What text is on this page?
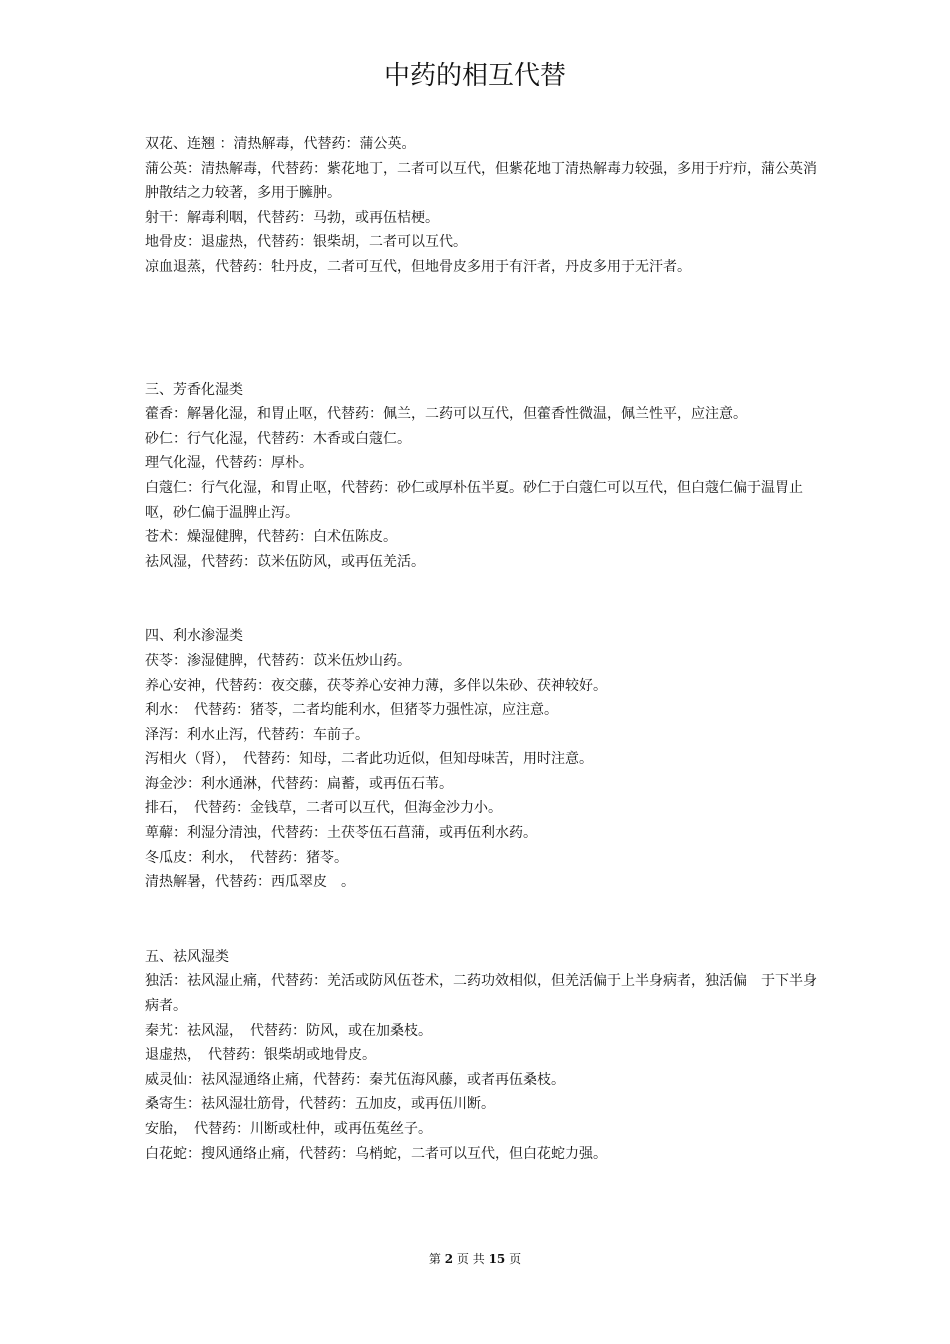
中药的相互代替

双花、连翘 ：清热解毒，代替药：蒲公英。

蒲公英：清热解毒，代替药：紫花地丁，二者可以互代，但紫花地丁清热解毒力较强，多用于疔疖，蒲公英消肿散结之力较著，多用于臃肿。

射干：解毒利咽，代替药：马勃，或再伍桔梗。

地骨皮：退虚热，代替药：银柴胡，二者可以互代。

凉血退蒸，代替药：牡丹皮，二者可互代，但地骨皮多用于有汗者，丹皮多用于无汗者。

三、芳香化湿类

藿香：解暑化湿，和胃止呕，代替药：佩兰，二药可以互代，但藿香性微温，佩兰性平，应注意。

砂仁：行气化湿，代替药：木香或白蔻仁。

理气化湿，代替药：厚朴。

白蔻仁：行气化湿，和胃止呕，代替药：砂仁或厚朴伍半夏。砂仁于白蔻仁可以互代，但白蔻仁偏于温胃止呕，砂仁偏于温脾止泻。

苍术：燥湿健脾，代替药：白术伍陈皮。

祛风湿，代替药：苡米伍防风，或再伍羌活。

四、利水渗湿类

茯苓：渗湿健脾，代替药：苡米伍炒山药。

养心安神，代替药：夜交藤，茯苓养心安神力薄，多伴以朱砂、茯神较好。

利水：　代替药：猪苓，二者均能利水，但猪苓力强性凉，应注意。

泽泻：利水止泻，代替药：车前子。

泻相火（肾），　代替药：知母，二者此功近似，但知母味苦，用时注意。

海金沙：利水通淋，代替药：扁蓄，或再伍石苇。

排石，　代替药：金钱草，二者可以互代，但海金沙力小。

萆薢：利湿分清浊，代替药：土茯苓伍石菖蒲，或再伍利水药。

冬瓜皮：利水，　代替药：猪苓。

清热解暑，代替药：西瓜翠皮　。

五、祛风湿类

独活：祛风湿止痛，代替药：羌活或防风伍苍术，二药功效相似，但羌活偏于上半身病者，独活偏　于下半身病者。

秦艽：祛风湿，　代替药：防风，或在加桑枝。

退虚热，　代替药：银柴胡或地骨皮。

威灵仙：祛风湿通络止痛，代替药：秦艽伍海风藤，或者再伍桑枝。

桑寄生：祛风湿壮筋骨，代替药：五加皮，或再伍川断。

安胎，　代替药：川断或杜仲，或再伍菟丝子。

白花蛇：搜风通络止痛，代替药：乌梢蛇，二者可以互代，但白花蛇力强。

第 2 页 共 15 页
